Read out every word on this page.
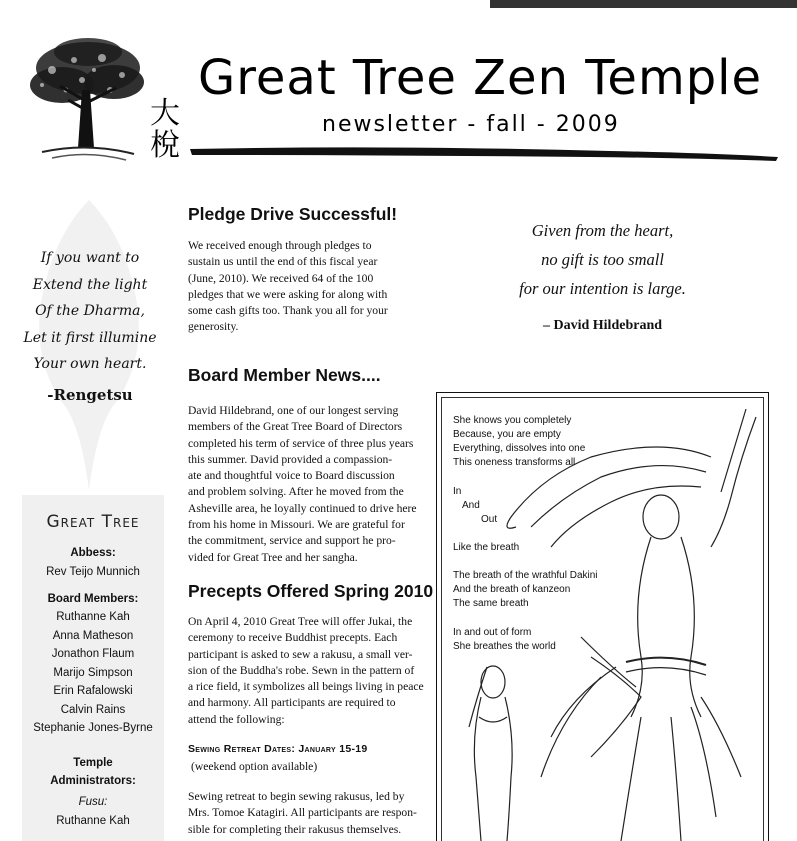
大
梲
Great Tree Zen Temple
newsletter - fall - 2009
If you want to
Extend the light
Of the Dharma,
Let it first illumine
Your own heart.
-Rengetsu
Great Tree
Abbess:
Rev Teijo Munnich
Board Members:
Ruthanne Kah
Anna Matheson
Jonathon Flaum
Marijo Simpson
Erin Rafalowski
Calvin Rains
Stephanie Jones-Byrne
Temple
Administrators:
Fusu:
Ruthanne Kah
Pledge Drive Successful!
We received enough through pledges to
sustain us until the end of this fiscal year
(June, 2010). We received 64 of the 100
pledges that we were asking for along with
some cash gifts too. Thank you all for your
generosity.
Board Member News....
David Hildebrand, one of our longest serving
members of the Great Tree Board of Directors
completed his term of service of three plus years
this summer. David provided a compassion-
ate and thoughtful voice to Board discussion
and problem solving. After he moved from the
Asheville area, he loyally continued to drive here
from his home in Missouri. We are grateful for
the commitment, service and support he pro-
vided for Great Tree and her sangha.
Precepts Offered Spring 2010
On April 4, 2010 Great Tree will offer Jukai, the
ceremony to receive Buddhist precepts. Each
participant is asked to sew a rakusu, a small ver-
sion of the Buddha's robe. Sewn in the pattern of
a rice field, it symbolizes all beings living in peace
and harmony. All participants are required to
attend the following:
Sewing Retreat Dates: January 15-19
(weekend option available)
Sewing retreat to begin sewing rakusus, led by
Mrs. Tomoe Katagiri. All participants are respon-
sible for completing their rakusus themselves.
Given from the heart,
no gift is too small
for our intention is large.
– David Hildebrand
She knows you completely
Because, you are empty
Everything, dissolves into one
This oneness transforms all
In
And
Out
Like the breath
The breath of the wrathful Dakini
And the breath of kanzeon
The same breath
In and out of form
She breathes the world
